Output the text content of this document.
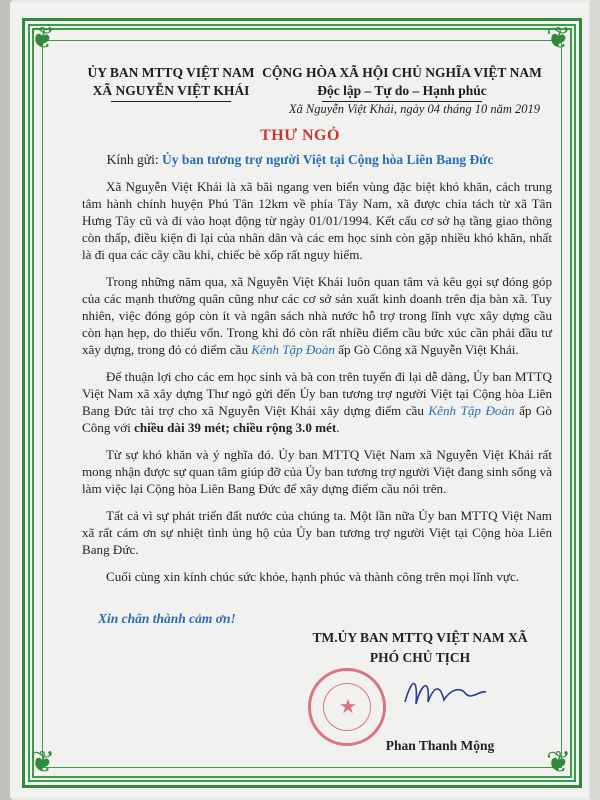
❦	❦
❦	❦
ỦY BAN MTTQ VIỆT NAM
XÃ NGUYỄN VIỆT KHÁI
CỘNG HÒA XÃ HỘI CHỦ NGHĨA VIỆT NAM
Độc lập – Tự do – Hạnh phúc
Xã Nguyễn Việt Khái, ngày 04 tháng 10 năm 2019
THƯ NGỎ
Kính gửi: Ủy ban tương trợ người Việt tại Cộng hòa Liên Bang Đức

Xã Nguyễn Việt Khái là xã bãi ngang ven biển vùng đặc biệt khó khăn, cách trung tâm hành chính huyện Phú Tân 12km về phía Tây Nam, xã được chia tách từ xã Tân Hưng Tây cũ và đi vào hoạt động từ ngày 01/01/1994. Kết cấu cơ sở hạ tầng giao thông còn thấp, điều kiện đi lại của nhân dân và các em học sinh còn gặp nhiều khó khăn, nhất là đi qua các cây cầu khỉ, chiếc bè xốp rất nguy hiểm.

Trong những năm qua, xã Nguyễn Việt Khái luôn quan tâm và kêu gọi sự đóng góp của các mạnh thường quân cũng như các cơ sở sản xuất kinh doanh trên địa bàn xã. Tuy nhiên, việc đóng góp còn ít và ngân sách nhà nước hỗ trợ trong lĩnh vực xây dựng cầu còn hạn hẹp, do thiếu vốn. Trong khi đó còn rất nhiều điểm cầu bức xúc cần phải đầu tư xây dựng, trong đó có điểm cầu Kênh Tập Đoàn ấp Gò Công xã Nguyễn Việt Khái.

Để thuận lợi cho các em học sinh và bà con trên tuyến đi lại dễ dàng, Ủy ban MTTQ Việt Nam xã xây dựng Thư ngỏ gửi đến Ủy ban tương trợ người Việt tại Cộng hòa Liên Bang Đức tài trợ cho xã Nguyễn Việt Khái xây dựng điểm cầu Kênh Tập Đoàn ấp Gò Công với chiều dài 39 mét; chiều rộng 3.0 mét.

Từ sự khó khăn và ý nghĩa đó. Ủy ban MTTQ Việt Nam xã Nguyễn Việt Khái rất mong nhận được sự quan tâm giúp đỡ của Ủy ban tương trợ người Việt đang sinh sống và làm việc lại Cộng hòa Liên Bang Đức để xây dựng điểm cầu nói trên.

Tất cả vì sự phát triển đất nước của chúng ta. Một lần nữa Ủy ban MTTQ Việt Nam xã rất cám ơn sự nhiệt tình ủng hộ của Ủy ban tương trợ người Việt tại Cộng hòa Liên Bang Đức.

Cuối cùng xin kính chúc sức khỏe, hạnh phúc và thành công trên mọi lĩnh vực.

Xin chân thành cảm ơn!
TM.ỦY BAN MTTQ VIỆT NAM XÃ
PHÓ CHỦ TỊCH
★
Phan Thanh Mộng
